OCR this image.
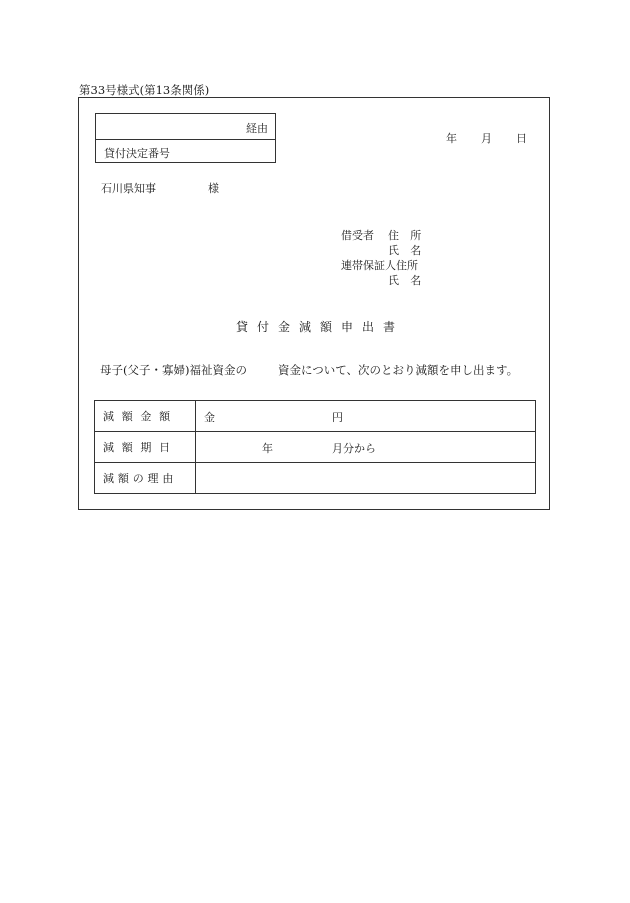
第33号様式(第13条関係)
経由
貸付決定番号
年 月 日
石川県知事	様
借受者 住 所
氏 名
連帯保証人住所
氏 名
貸付金減額申出書
母子(父子・寡婦)福祉資金の	資金について、次のとおり減額を申し出ます。
減額金額	金 円

減額期日	年 月分から

減額の理由	
